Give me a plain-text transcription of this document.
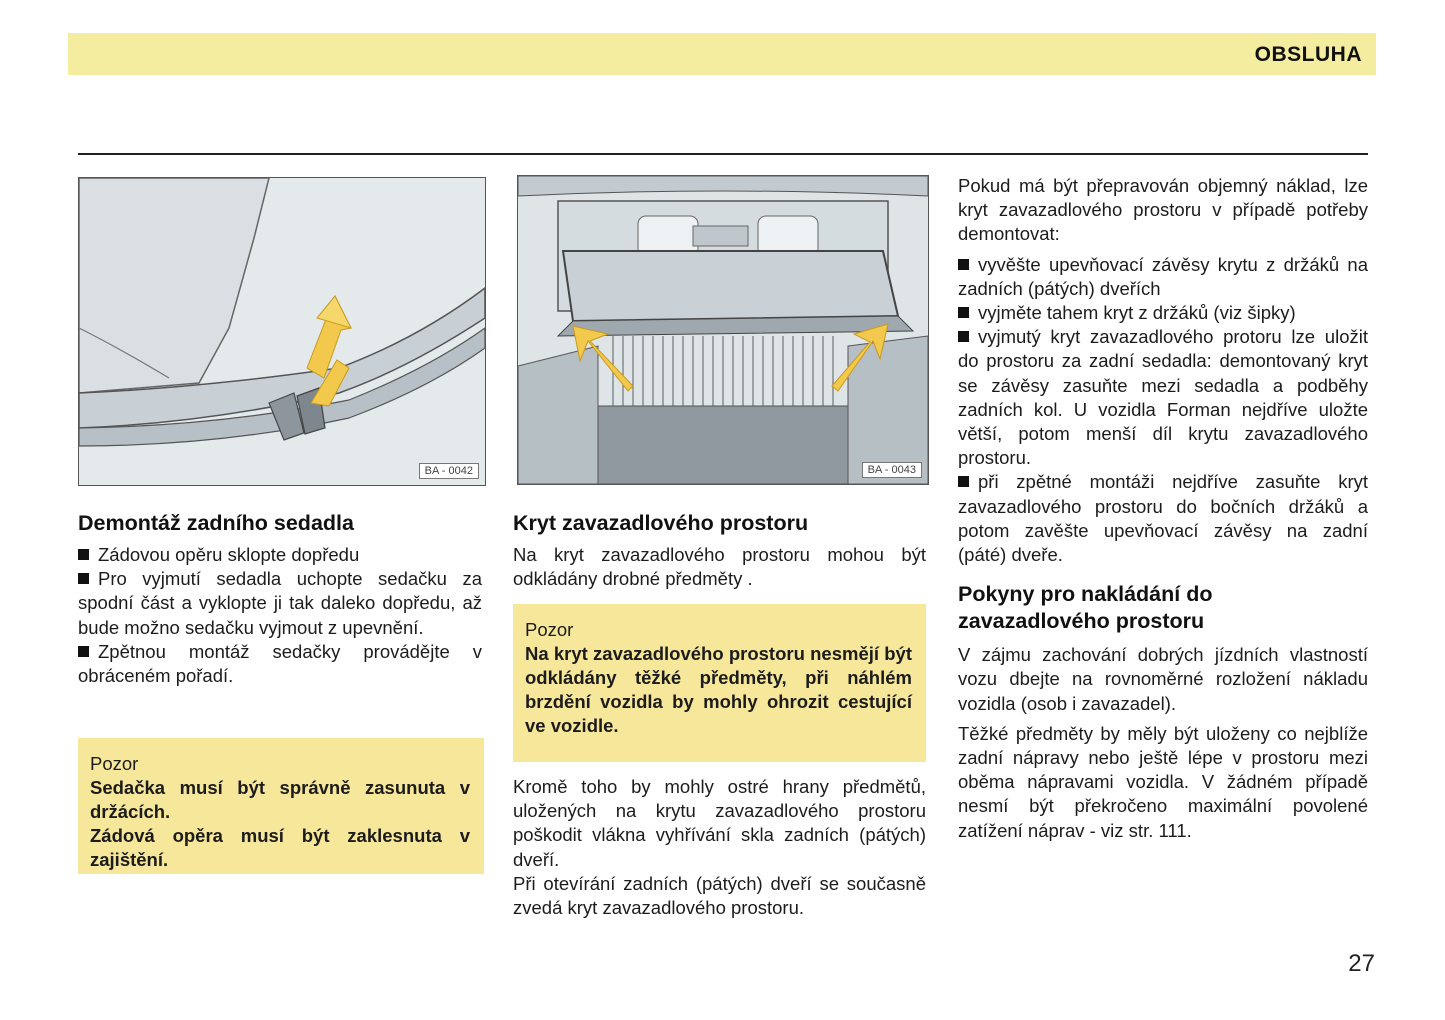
OBSLUHA
BA - 0042	BA - 0043
Demontáž zadního sedadla

Zádovou opěru sklopte dopředu

Pro vyjmutí sedadla uchopte sedačku za spodní část a vyklopte ji tak daleko dopředu, až bude možno sedačku vyjmout z upevnění.

Zpětnou montáž sedačky provádějte v obráceném pořadí.

Pozor

Sedačka musí být správně zasunuta v držácích.

Zádová opěra musí být zaklesnuta v zajištění.

Kryt zavazadlového prostoru

Na kryt zavazadlového prostoru mohou být odkládány drobné předměty .

Pozor

Na kryt zavazadlového prostoru nesmějí být odkládány těžké předměty, při náhlém brzdění vozidla by mohly ohrozit cestující ve vozidle.

Kromě toho by mohly ostré hrany předmětů, uložených na krytu zavazadlového prostoru poškodit vlákna vyhřívání skla zadních (pátých) dveří.

Při otevírání zadních (pátých) dveří se současně zvedá kryt zavazadlového prostoru.

Pokud má být přepravován objemný náklad, lze kryt zavazadlového prostoru v případě potřeby demontovat:

vyvěšte upevňovací závěsy krytu z držáků na zadních (pátých) dveřích

vyjměte tahem kryt z držáků (viz šipky)

vyjmutý kryt zavazadlového protoru lze uložit do prostoru za zadní sedadla: demontovaný kryt se závěsy zasuňte mezi sedadla a podběhy zadních kol. U vozidla Forman nejdříve uložte větší, potom menší díl krytu zavazadlového prostoru.

při zpětné montáži nejdříve zasuňte kryt zavazadlového prostoru do bočních držáků a potom zavěšte upevňovací závěsy na zadní (páté) dveře.

Pokyny pro nakládání do zavazadlového prostoru

V zájmu zachování dobrých jízdních vlastností vozu dbejte na rovnoměrné rozložení nákladu vozidla (osob i zavazadel).

Těžké předměty by měly být uloženy co nejblíže zadní nápravy nebo ještě lépe v prostoru mezi oběma nápravami vozidla. V žádném případě nesmí být překročeno maximální povolené zatížení náprav - viz str. 111.

27
